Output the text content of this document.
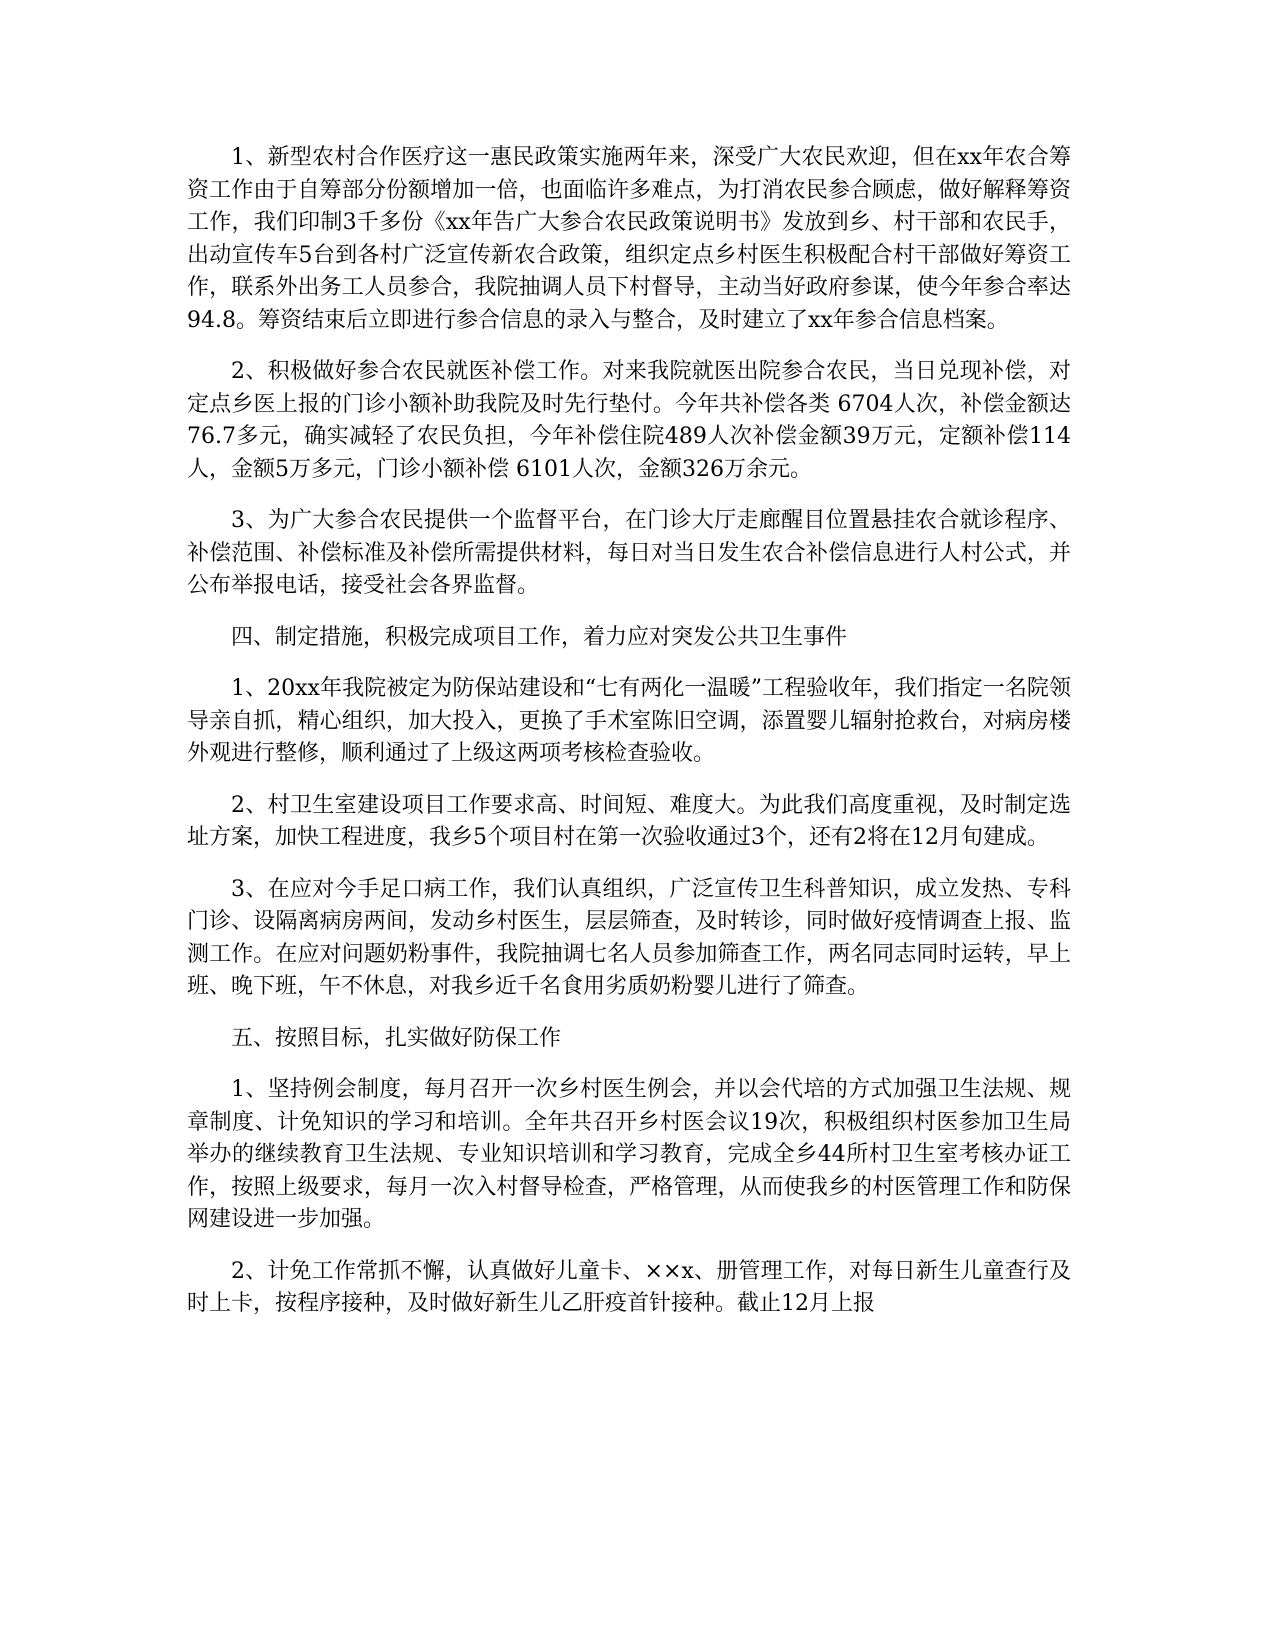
1、新型农村合作医疗这一惠民政策实施两年来，深受广大农民欢迎，但在xx年农合筹资工作由于自筹部分份额增加一倍，也面临许多难点，为打消农民参合顾虑，做好解释筹资工作，我们印制3千多份《xx年告广大参合农民政策说明书》发放到乡、村干部和农民手，出动宣传车5台到各村广泛宣传新农合政策，组织定点乡村医生积极配合村干部做好筹资工作，联系外出务工人员参合，我院抽调人员下村督导，主动当好政府参谋，使今年参合率达94.8。筹资结束后立即进行参合信息的录入与整合，及时建立了xx年参合信息档案。

2、积极做好参合农民就医补偿工作。对来我院就医出院参合农民，当日兑现补偿，对定点乡医上报的门诊小额补助我院及时先行垫付。今年共补偿各类 6704人次，补偿金额达76.7多元，确实减轻了农民负担，今年补偿住院489人次补偿金额39万元，定额补偿114人，金额5万多元，门诊小额补偿 6101人次，金额326万余元。

3、为广大参合农民提供一个监督平台，在门诊大厅走廊醒目位置悬挂农合就诊程序、补偿范围、补偿标准及补偿所需提供材料，每日对当日发生农合补偿信息进行人村公式，并公布举报电话，接受社会各界监督。

四、制定措施，积极完成项目工作，着力应对突发公共卫生事件

1、20xx年我院被定为防保站建设和“七有两化一温暖”工程验收年，我们指定一名院领导亲自抓，精心组织，加大投入，更换了手术室陈旧空调，添置婴儿辐射抢救台，对病房楼外观进行整修，顺利通过了上级这两项考核检查验收。

2、村卫生室建设项目工作要求高、时间短、难度大。为此我们高度重视，及时制定选址方案，加快工程进度，我乡5个项目村在第一次验收通过3个，还有2将在12月旬建成。

3、在应对今手足口病工作，我们认真组织，广泛宣传卫生科普知识，成立发热、专科门诊、设隔离病房两间，发动乡村医生，层层筛查，及时转诊，同时做好疫情调查上报、监测工作。在应对问题奶粉事件，我院抽调七名人员参加筛查工作，两名同志同时运转，早上班、晚下班，午不休息，对我乡近千名食用劣质奶粉婴儿进行了筛查。

五、按照目标，扎实做好防保工作

1、坚持例会制度，每月召开一次乡村医生例会，并以会代培的方式加强卫生法规、规章制度、计免知识的学习和培训。全年共召开乡村医会议19次，积极组织村医参加卫生局举办的继续教育卫生法规、专业知识培训和学习教育，完成全乡44所村卫生室考核办证工作，按照上级要求，每月一次入村督导检查，严格管理，从而使我乡的村医管理工作和防保网建设进一步加强。

2、计免工作常抓不懈，认真做好儿童卡、××x、册管理工作，对每日新生儿童查行及时上卡，按程序接种，及时做好新生儿乙肝疫首针接种。截止12月上报
